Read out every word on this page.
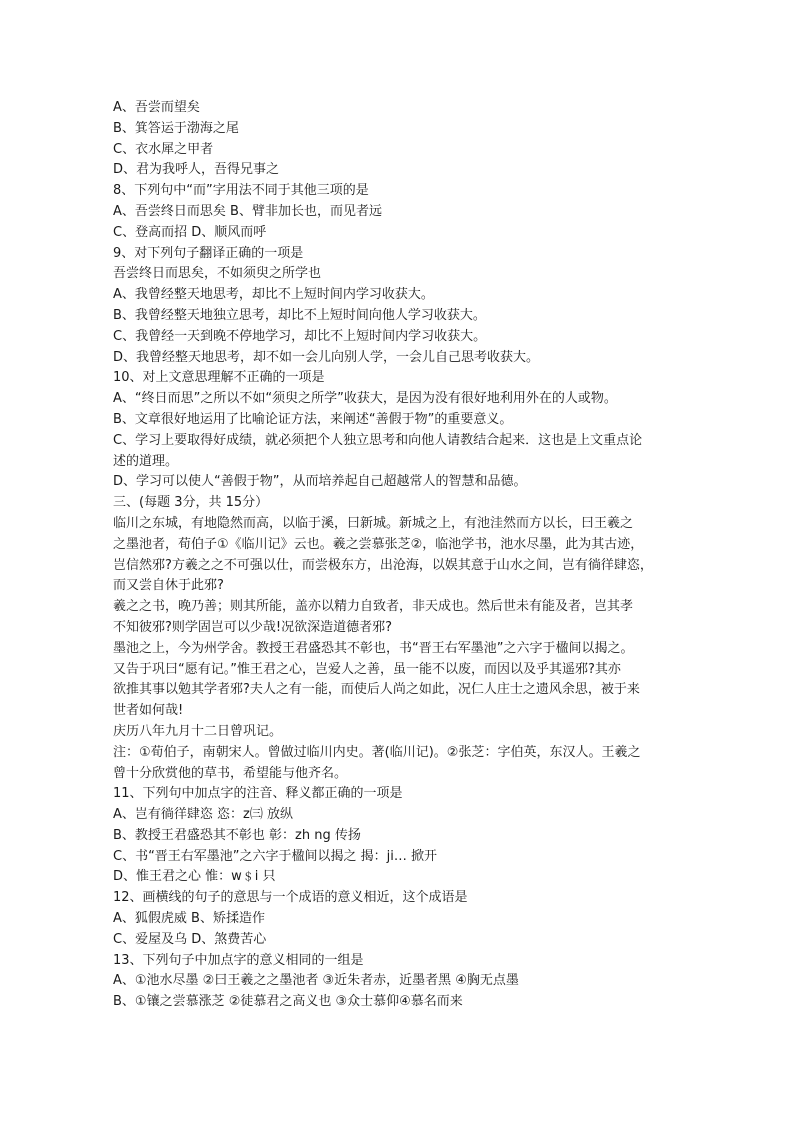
A、吾尝而望矣
B、箕答运于渤海之尾
C、衣水犀之甲者
D、君为我呼人，吾得兄事之
8、下列句中“而”字用法不同于其他三项的是
A、吾尝终日而思矣 B、臂非加长也，而见者远
C、登高而招 D、顺风而呼
9、对下列句子翻译正确的一项是
吾尝终日而思矣，不如须臾之所学也
A、我曾经整天地思考，却比不上短时间内学习收获大。
B、我曾经整天地独立思考，却比不上短时间向他人学习收获大。
C、我曾经一天到晚不停地学习，却比不上短时间内学习收获大。
D、我曾经整天地思考，却不如一会儿向别人学，一会儿自己思考收获大。
10、对上文意思理解不正确的一项是
A、“终日而思”之所以不如“须臾之所学”收获大，是因为没有很好地利用外在的人或物。
B、文章很好地运用了比喻论证方法，来阐述“善假于物”的重要意义。
C、学习上要取得好成绩，就必须把个人独立思考和向他人请教结合起来．这也是上文重点论
述的道理。
D、学习可以使人“善假于物”，从而培养起自己超越常人的智慧和品德。
三、(每题 3分，共 15分）
临川之东城，有地隐然而高，以临于溪，曰新城。新城之上，有池洼然而方以长，曰王羲之
之墨池者，荀伯子①《临川记》云也。羲之尝慕张芝②，临池学书，池水尽墨，此为其古迹，
岂信然邪?方羲之之不可强以仕，而尝极东方，出沧海，以娱其意于山水之间，岂有徜徉肆恣，
而又尝自休于此邪?
羲之之书，晚乃善；则其所能，盖亦以精力自致者，非天成也。然后世未有能及者，岂其孝
不知彼邪?则学固岂可以少哉!况欲深造道德者邪?
墨池之上，今为州学舍。教授王君盛恐其不彰也，书“晋王右军墨池”之六字于楹间以揭之。
又告于巩曰“愿有记。”惟王君之心，岂爱人之善，虽一能不以废，而因以及乎其遥邪?其亦
欲推其事以勉其学者邪?夫人之有一能，而使后人尚之如此，况仁人庄士之遗风余思，被于来
世者如何哉!
庆历八年九月十二日曾巩记。
注：①荀伯子，南朝宋人。曾做过临川内史。著(临川记)。②张芝：字伯英，东汉人。王羲之
曾十分欣赏他的草书，希望能与他齐名。
11、下列句中加点字的注音、释义都正确的一项是
A、岂有徜徉肆恣 恣：z㈢ 放纵
B、教授王君盛恐其不彰也 彰：zh ng 传扬
C、书“晋王右军墨池”之六字于楹间以揭之 揭：ji… 掀开
D、惟王君之心 惟：w﹩i 只
12、画横线的句子的意思与一个成语的意义相近，这个成语是
A、狐假虎威 B、矫揉造作
C、爱屋及乌 D、煞费苦心
13、下列句子中加点字的意义相同的一组是
A、①池水尽墨 ②曰王羲之之墨池者 ③近朱者赤，近墨者黑 ④胸无点墨
B、①镶之尝慕涨芝 ②徒慕君之高义也 ③众士慕仰④慕名而来
